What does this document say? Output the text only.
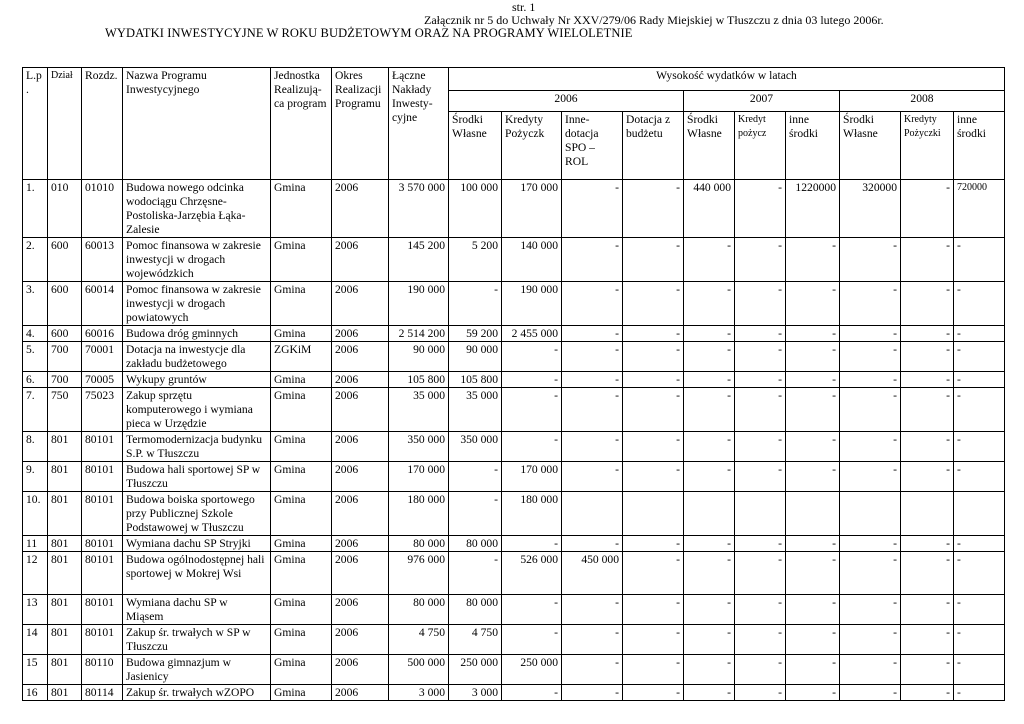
str. 1
Załącznik nr 5 do Uchwały Nr XXV/279/06 Rady Miejskiej w Tłuszczu z dnia 03 lutego 2006r.
WYDATKI INWESTYCYJNE W ROKU BUDŻETOWYM ORAZ NA PROGRAMY WIELOLETNIE
L.p .	Dział	Rozdz.	Nazwa Programu Inwestycyjnego	Jednostka Realizują-ca program	Okres Realizacji Programu	Łączne Nakłady Inwesty-cyjne	Wysokość wydatków w latach									
							2006				2007			2008		
							Środki Własne	Kredyty Pożyczk	Inne-dotacja SPO – ROL	Dotacja z budżetu	Środki Własne	Kredyt pożycz	inne środki	Środki Własne	Kredyty Pożyczki	inne środki
1.	010	01010	Budowa nowego odcinka wodociągu Chrzęsne-Postoliska-Jarzębia Łąka-Zalesie	Gmina	2006	3 570 000	100 000	170 000	-	-	440 000	-	1220000	320000	-	720000
2.	600	60013	Pomoc finansowa w zakresie inwestycji w drogach wojewódzkich	Gmina	2006	145 200	5 200	140 000	-	-	-	-	-	-	-	-
3.	600	60014	Pomoc finansowa w zakresie inwestycji w drogach powiatowych	Gmina	2006	190 000	-	190 000	-	-	-	-	-	-	-	-
4.	600	60016	Budowa dróg gminnych	Gmina	2006	2 514 200	59 200	2 455 000	-	-	-	-	-	-	-	-
5.	700	70001	Dotacja na inwestycje dla zakładu budżetowego	ZGKiM	2006	90 000	90 000	-	-	-	-	-	-	-	-	-
6.	700	70005	Wykupy gruntów	Gmina	2006	105 800	105 800	-	-	-	-	-	-	-	-	-
7.	750	75023	Zakup sprzętu komputerowego i wymiana pieca w Urzędzie	Gmina	2006	35 000	35 000	-	-	-	-	-	-	-	-	-
8.	801	80101	Termomodernizacja budynku S.P. w Tłuszczu	Gmina	2006	350 000	350 000	-	-	-	-	-	-	-	-	-
9.	801	80101	Budowa hali sportowej SP w Tłuszczu	Gmina	2006	170 000	-	170 000	-	-	-	-	-	-	-	-
10.	801	80101	Budowa boiska sportowego przy Publicznej Szkole Podstawowej w Tłuszczu	Gmina	2006	180 000	-	180 000								
11	801	80101	Wymiana dachu SP Stryjki	Gmina	2006	80 000	80 000	-	-	-	-	-	-	-	-	-
12	801	80101	Budowa ogólnodostępnej hali sportowej w Mokrej Wsi	Gmina	2006	976 000	-	526 000	450 000	-	-	-	-	-	-	-
13	801	80101	Wymiana dachu SP w Miąsem	Gmina	2006	80 000	80 000	-	-	-	-	-	-	-	-	-
14	801	80101	Zakup śr. trwałych w SP w Tłuszczu	Gmina	2006	4 750	4 750	-	-	-	-	-	-	-	-	-
15	801	80110	Budowa gimnazjum w Jasienicy	Gmina	2006	500 000	250 000	250 000	-	-	-	-	-	-	-	-
16	801	80114	Zakup śr. trwałych wZOPO	Gmina	2006	3 000	3 000	-	-	-	-	-	-	-	-	-
